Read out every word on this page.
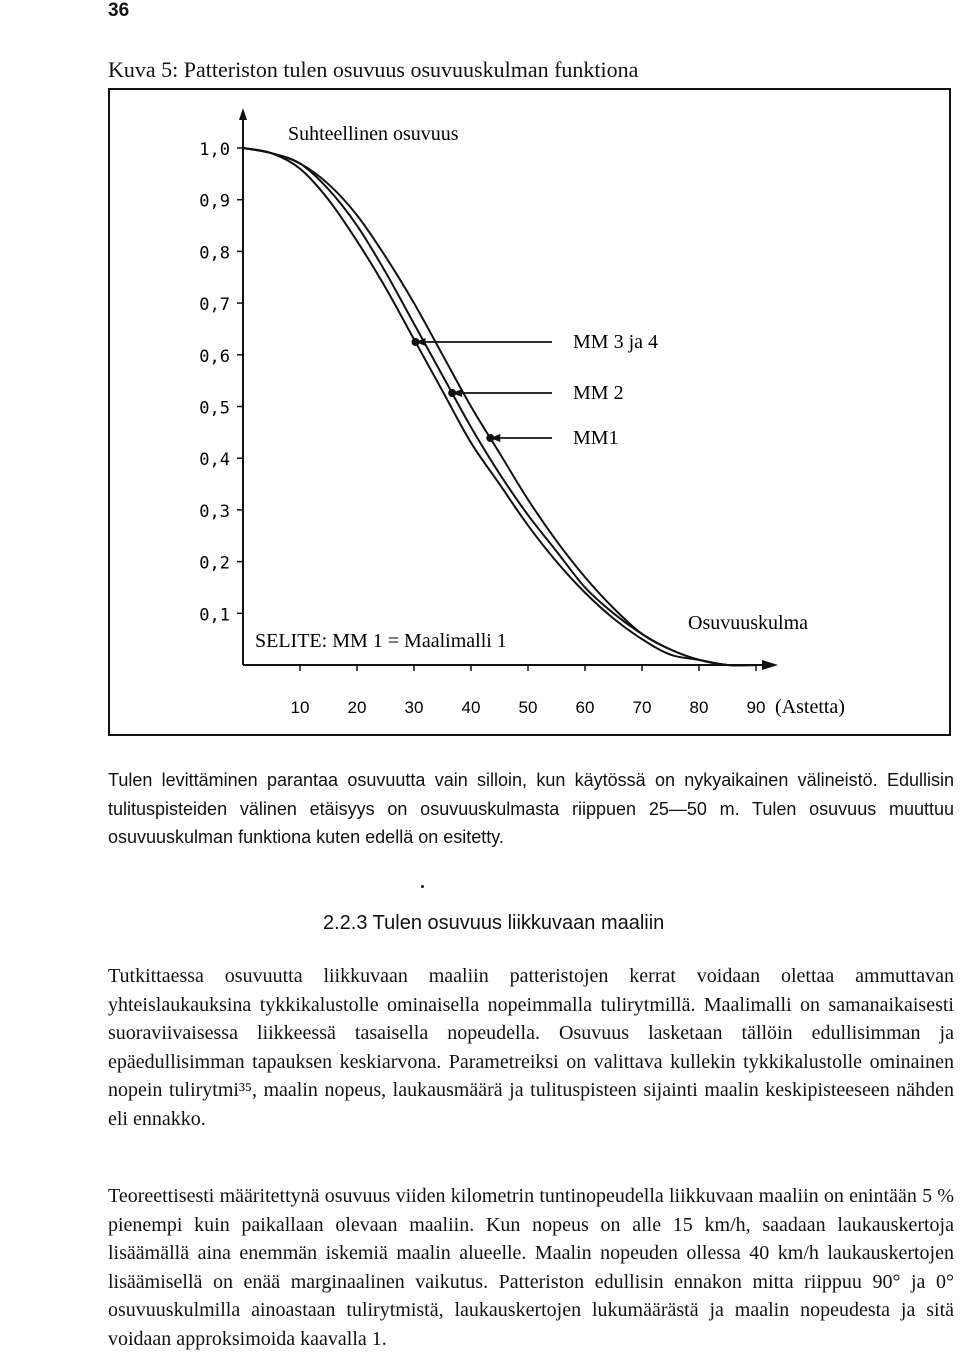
36
Kuva 5: Patteriston tulen osuvuus osuvuuskulman funktiona
1,0
0,9
0,8
0,7
0,6
0,5
0,4
0,3
0,2
0,1
10 20 30 40 50 60 70 80 90
MM 3 ja 4
MM 2
MM1
Suhteellinen osuvuus
Osuvuuskulma
(Astetta)
SELITE: MM 1 = Maalimalli 1

Tulen levittäminen parantaa osuvuutta vain silloin, kun käytössä on nykyaikainen välineistö. Edullisin tulituspisteiden välinen etäisyys on osuvuuskulmasta riippuen 25—50 m. Tulen osuvuus muuttuu osuvuuskulman funktiona kuten edellä on esitetty.

2.2.3 Tulen osuvuus liikkuvaan maaliin

Tutkittaessa osuvuutta liikkuvaan maaliin patteristojen kerrat voidaan olettaa ammuttavan yhteislaukauksina tykkikalustolle ominaisella nopeimmalla tulirytmillä. Maalimalli on samanaikaisesti suoraviivaisessa liikkeessä tasaisella nopeudella. Osuvuus lasketaan tällöin edullisimman ja epäedullisimman tapauksen keskiarvona. Parametreiksi on valittava kullekin tykkikalustolle ominainen nopein tulirytmi³⁵, maalin nopeus, laukausmäärä ja tulituspisteen sijainti maalin keskipisteeseen nähden eli ennakko.

Teoreettisesti määritettynä osuvuus viiden kilometrin tuntinopeudella liikkuvaan maaliin on enintään 5 % pienempi kuin paikallaan olevaan maaliin. Kun nopeus on alle 15 km/h, saadaan laukauskertoja lisäämällä aina enemmän iskemiä maalin alueelle. Maalin nopeuden ollessa 40 km/h laukauskertojen lisäämisellä on enää marginaalinen vaikutus. Patteriston edullisin ennakon mitta riippuu 90° ja 0° osuvuuskulmilla ainoastaan tulirytmistä, laukauskertojen lukumäärästä ja maalin nopeudesta ja sitä voidaan approksimoida kaavalla 1.
